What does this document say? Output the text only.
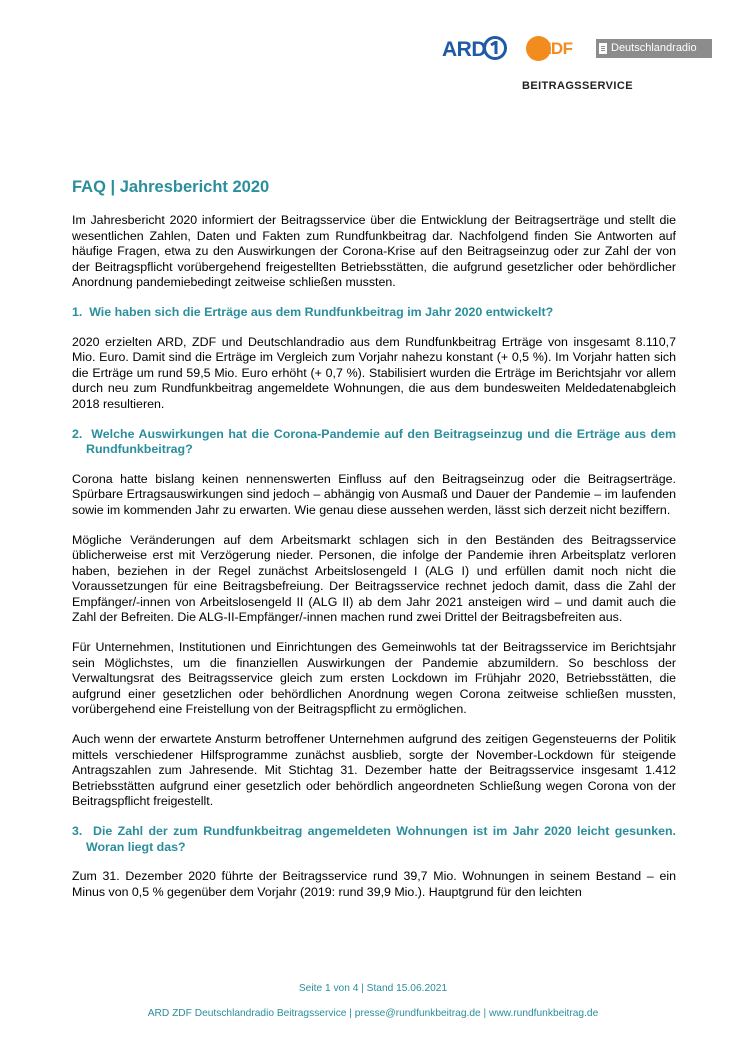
ARD	ZDF	Deutschlandradio
BEITRAGSSERVICE
FAQ | Jahresbericht 2020

Im Jahresbericht 2020 informiert der Beitragsservice über die Entwicklung der Beitragserträge und stellt die wesentlichen Zahlen, Daten und Fakten zum Rundfunkbeitrag dar. Nachfolgend finden Sie Antworten auf häufige Fragen, etwa zu den Auswirkungen der Corona-Krise auf den Beitragseinzug oder zur Zahl der von der Beitragspflicht vorübergehend freigestellten Betriebsstätten, die aufgrund gesetzlicher oder behördlicher Anordnung pandemiebedingt zeitweise schließen mussten.

1.  Wie haben sich die Erträge aus dem Rundfunkbeitrag im Jahr 2020 entwickelt?

2020 erzielten ARD, ZDF und Deutschlandradio aus dem Rundfunkbeitrag Erträge von insgesamt 8.110,7 Mio. Euro. Damit sind die Erträge im Vergleich zum Vorjahr nahezu konstant (+ 0,5 %). Im Vorjahr hatten sich die Erträge um rund 59,5 Mio. Euro erhöht (+ 0,7 %). Stabilisiert wurden die Erträge im Berichtsjahr vor allem durch neu zum Rundfunkbeitrag angemeldete Wohnungen, die aus dem bundesweiten Meldedatenabgleich 2018 resultieren.

2.  Welche Auswirkungen hat die Corona-Pandemie auf den Beitragseinzug und die Erträge aus dem Rundfunkbeitrag?

Corona hatte bislang keinen nennenswerten Einfluss auf den Beitragseinzug oder die Beitragserträge. Spürbare Ertragsauswirkungen sind jedoch – abhängig von Ausmaß und Dauer der Pandemie – im laufenden sowie im kommenden Jahr zu erwarten. Wie genau diese aussehen werden, lässt sich derzeit nicht beziffern.

Mögliche Veränderungen auf dem Arbeitsmarkt schlagen sich in den Beständen des Beitragsservice üblicherweise erst mit Verzögerung nieder. Personen, die infolge der Pandemie ihren Arbeitsplatz verloren haben, beziehen in der Regel zunächst Arbeitslosengeld I (ALG I) und erfüllen damit noch nicht die Voraussetzungen für eine Beitragsbefreiung. Der Beitragsservice rechnet jedoch damit, dass die Zahl der Empfänger/-innen von Arbeitslosengeld II (ALG II) ab dem Jahr 2021 ansteigen wird – und damit auch die Zahl der Befreiten. Die ALG-II-Empfänger/-innen machen rund zwei Drittel der Beitragsbefreiten aus.

Für Unternehmen, Institutionen und Einrichtungen des Gemeinwohls tat der Beitragsservice im Berichtsjahr sein Möglichstes, um die finanziellen Auswirkungen der Pandemie abzumildern. So beschloss der Verwaltungsrat des Beitragsservice gleich zum ersten Lockdown im Frühjahr 2020, Betriebsstätten, die aufgrund einer gesetzlichen oder behördlichen Anordnung wegen Corona zeitweise schließen mussten, vorübergehend eine Freistellung von der Beitragspflicht zu ermöglichen.

Auch wenn der erwartete Ansturm betroffener Unternehmen aufgrund des zeitigen Gegensteuerns der Politik mittels verschiedener Hilfsprogramme zunächst ausblieb, sorgte der November-Lockdown für steigende Antragszahlen zum Jahresende. Mit Stichtag 31. Dezember hatte der Beitragsservice insgesamt 1.412 Betriebsstätten aufgrund einer gesetzlich oder behördlich angeordneten Schließung wegen Corona von der Beitragspflicht freigestellt.

3.  Die Zahl der zum Rundfunkbeitrag angemeldeten Wohnungen ist im Jahr 2020 leicht gesunken. Woran liegt das?

Zum 31. Dezember 2020 führte der Beitragsservice rund 39,7 Mio. Wohnungen in seinem Bestand – ein Minus von 0,5 % gegenüber dem Vorjahr (2019: rund 39,9 Mio.). Hauptgrund für den leichten

Seite 1 von 4 | Stand 15.06.2021
ARD ZDF Deutschlandradio Beitragsservice | presse@rundfunkbeitrag.de | www.rundfunkbeitrag.de
